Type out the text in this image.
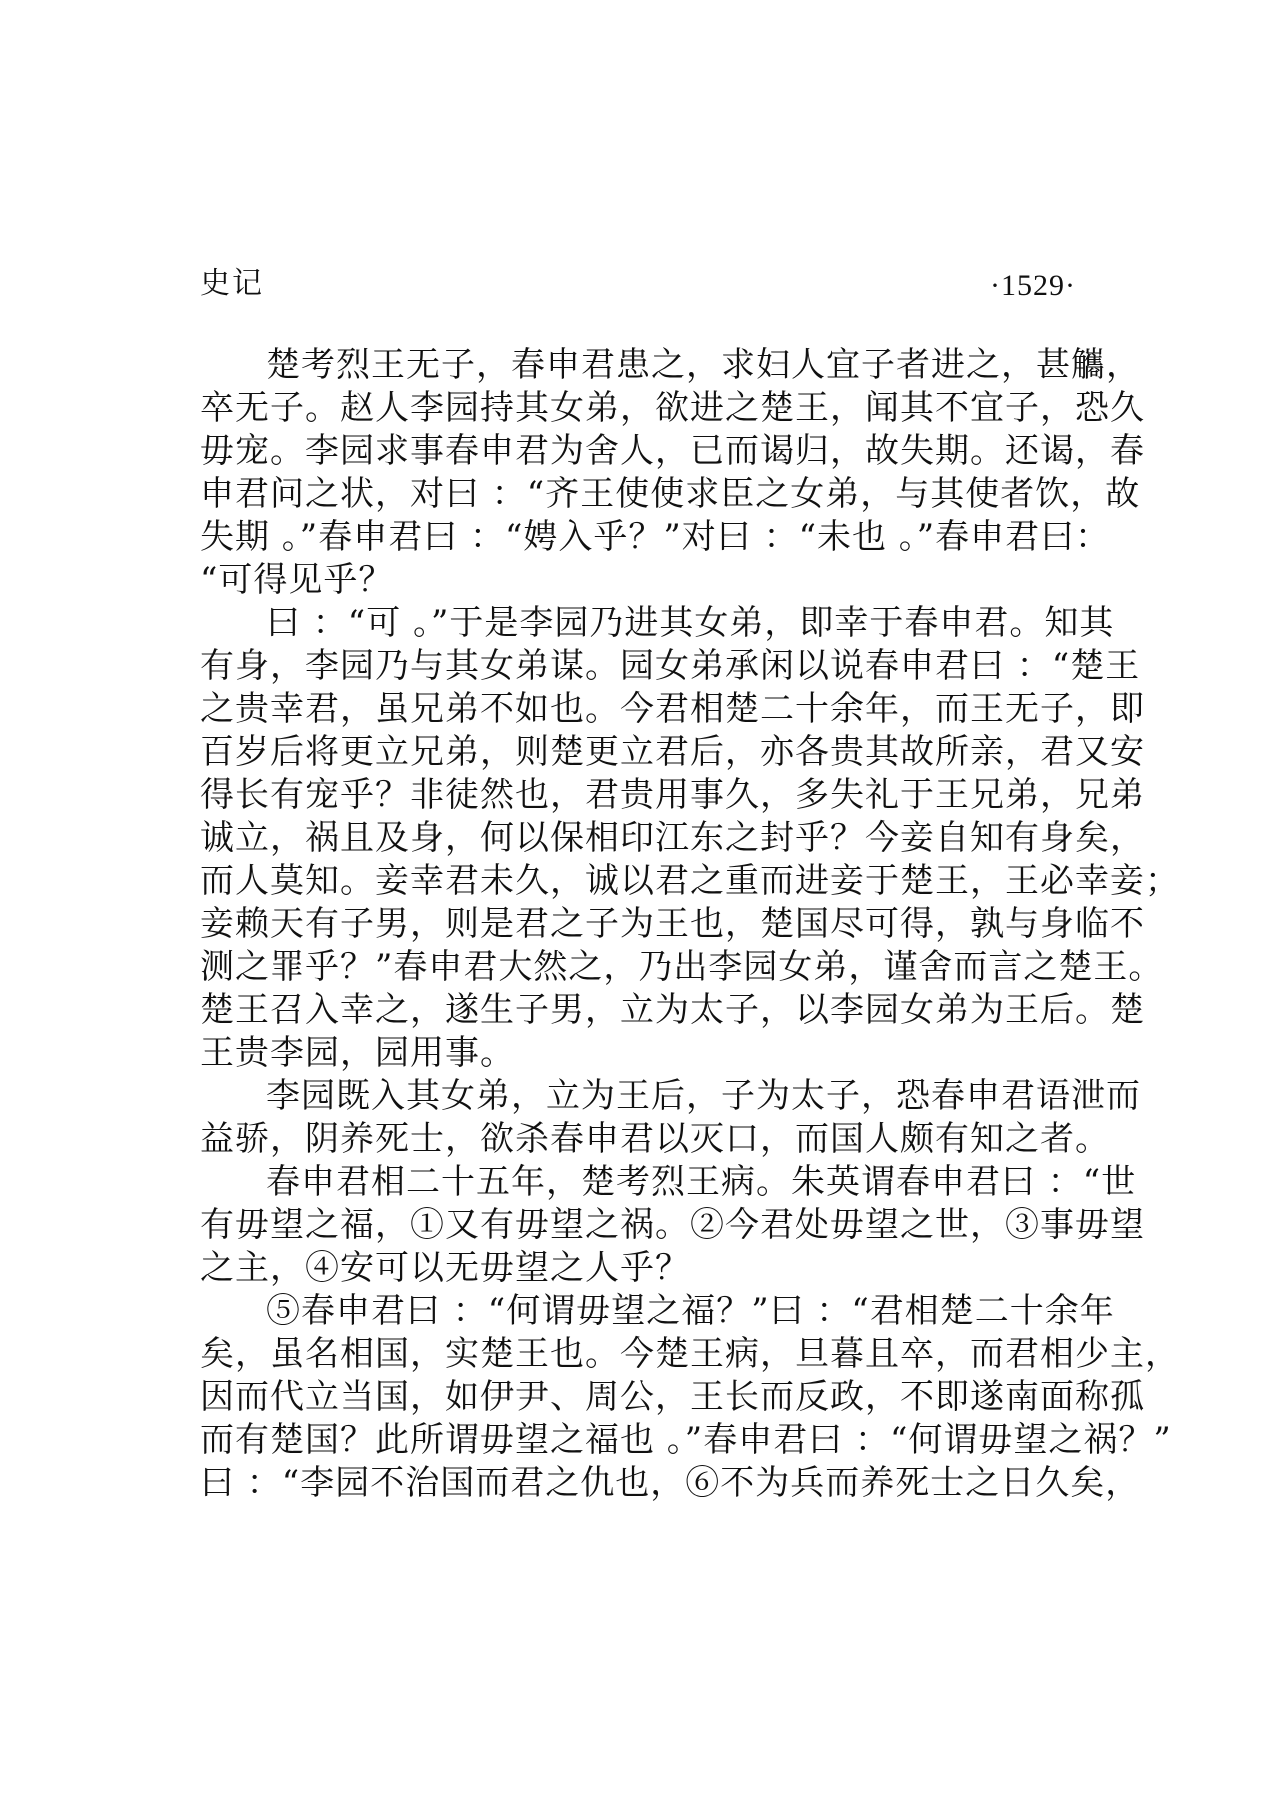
史记	·1529·
楚考烈王无子，春申君患之，求妇人宜子者进之，甚觿，
卒无子。赵人李园持其女弟，欲进之楚王，闻其不宜子，恐久
毋宠。李园求事春申君为舍人，已而谒归，故失期。还谒，春
申君问之状，对曰 ：“齐王使使求臣之女弟，与其使者饮，故
失期 。”春申君曰 ：“娉入乎？”对曰 ：“未也 。”春申君曰：
“可得见乎？
曰 ：“可 。”于是李园乃进其女弟，即幸于春申君。知其
有身，李园乃与其女弟谋。园女弟承闲以说春申君曰 ：“楚王
之贵幸君，虽兄弟不如也。今君相楚二十余年，而王无子，即
百岁后将更立兄弟，则楚更立君后，亦各贵其故所亲，君又安
得长有宠乎？非徒然也，君贵用事久，多失礼于王兄弟，兄弟
诚立，祸且及身，何以保相印江东之封乎？今妾自知有身矣，
而人莫知。妾幸君未久，诚以君之重而进妾于楚王，王必幸妾；
妾赖天有子男，则是君之子为王也，楚国尽可得，孰与身临不
测之罪乎？”春申君大然之，乃出李园女弟，谨舍而言之楚王。
楚王召入幸之，遂生子男，立为太子，以李园女弟为王后。楚
王贵李园，园用事。
李园既入其女弟，立为王后，子为太子，恐春申君语泄而
益骄，阴养死士，欲杀春申君以灭口，而国人颇有知之者。
春申君相二十五年，楚考烈王病。朱英谓春申君曰 ：“世
有毋望之福，①又有毋望之祸。②今君处毋望之世，③事毋望
之主，④安可以无毋望之人乎？
⑤春申君曰 ：“何谓毋望之福？”曰 ：“君相楚二十余年
矣，虽名相国，实楚王也。今楚王病，旦暮且卒，而君相少主，
因而代立当国，如伊尹、周公，王长而反政，不即遂南面称孤
而有楚国？此所谓毋望之福也 。”春申君曰 ：“何谓毋望之祸？”
曰 ：“李园不治国而君之仇也，⑥不为兵而养死士之日久矣，
